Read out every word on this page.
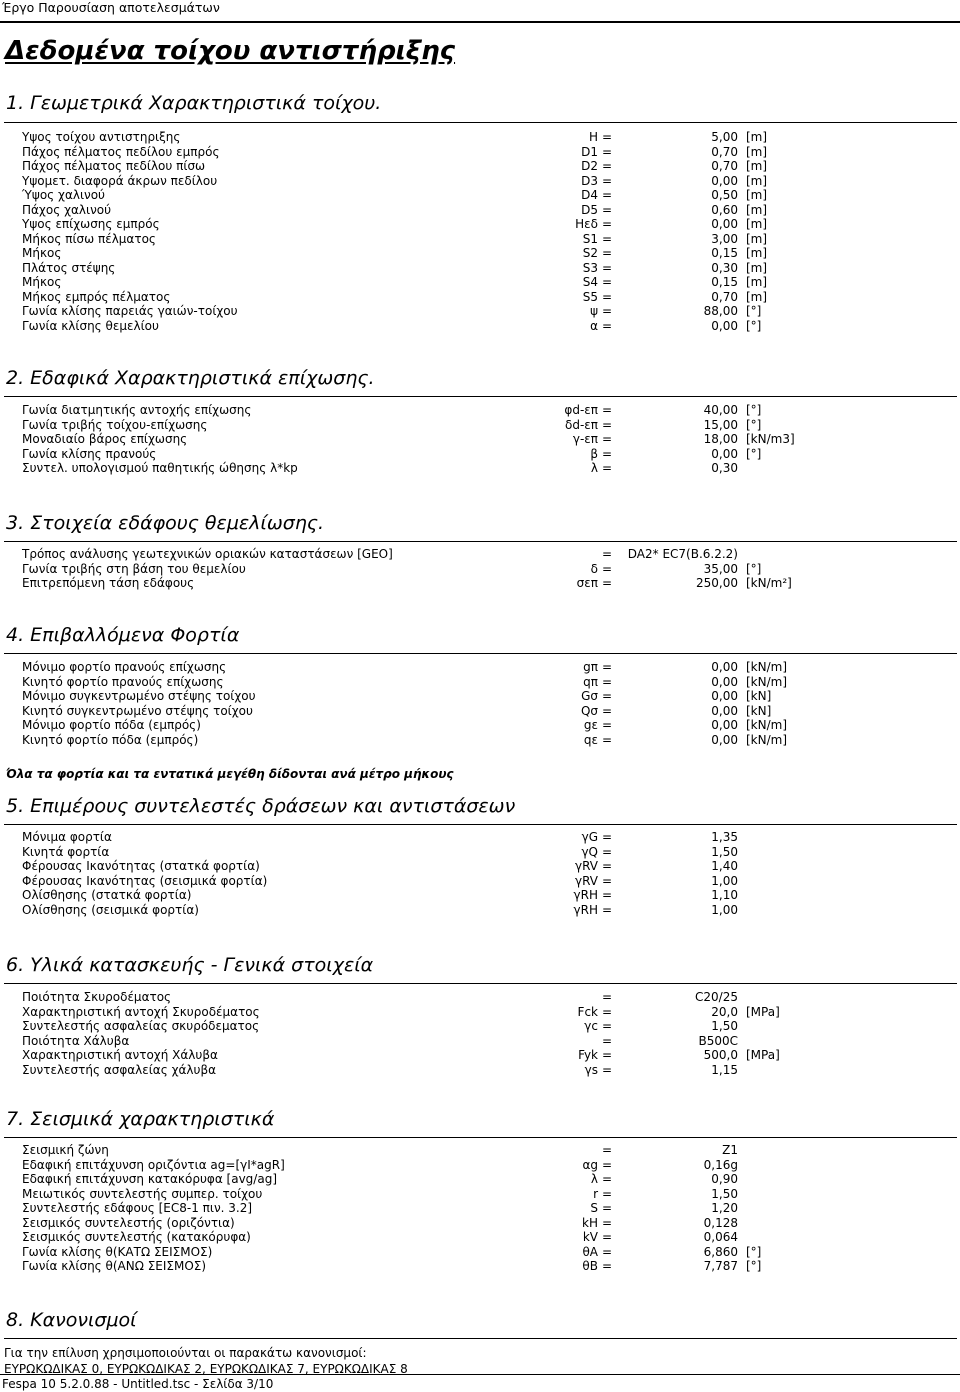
Έργο Παρουσίαση αποτελεσμάτων
Δεδομένα τοίχου αντιστήριξης
1. Γεωμετρικά Χαρακτηριστικά τοίχου.
Υψος τοίχου αντιστηριξης	H =	5,00 [m]
Πάχος πέλματος πεδίλου εμπρός	D1 =	0,70 [m]
Πάχος πέλματος πεδίλου πίσω	D2 =	0,70 [m]
Υψομετ. διαφορά άκρων πεδίλου	D3 =	0,00 [m]
Ύψος χαλινού	D4 =	0,50 [m]
Πάχος χαλινού	D5 =	0,60 [m]
Υψος επίχωσης εμπρός	Hεδ =	0,00 [m]
Μήκος πίσω πέλματος	S1 =	3,00 [m]
Μήκος	S2 =	0,15 [m]
Πλάτος στέψης	S3 =	0,30 [m]
Μήκος	S4 =	0,15 [m]
Μήκος εμπρός πέλματος	S5 =	0,70 [m]
Γωνία κλίσης παρειάς γαιών-τοίχου	ψ =	88,00 [°]
Γωνία κλίσης θεμελίου	α =	0,00 [°]
2. Εδαφικά Χαρακτηριστικά επίχωσης.
Γωνία διατμητικής αντοχής επίχωσης	φd-επ =	40,00 [°]
Γωνία τριβής τοίχου-επίχωσης	δd-επ =	15,00 [°]
Μοναδιαίο βάρος επίχωσης	γ-επ =	18,00 [kN/m3]
Γωνία κλίσης πρανούς	β =	0,00 [°]
Συντελ. υπολογισμού παθητικής ώθησης λ*kp	λ =	0,30
3. Στοιχεία εδάφους θεμελίωσης.
Τρόπος ανάλυσης γεωτεχνικών οριακών καταστάσεων [GEO]	= DA2* EC7(B.6.2.2)
Γωνία τριβής στη βάση του θεμελίου	δ =	35,00 [°]
Επιτρεπόμενη τάση εδάφους	σεπ =	250,00 [kN/m²]
4. Επιβαλλόμενα Φορτία
Μόνιμο φορτίο πρανούς επίχωσης	gπ =	0,00 [kN/m]
Κινητό φορτίο πρανούς επίχωσης	qπ =	0,00 [kN/m]
Μόνιμο συγκεντρωμένο στέψης τοίχου	Gσ =	0,00 [kN]
Κινητό συγκεντρωμένο στέψης τοίχου	Qσ =	0,00 [kN]
Μόνιμο φορτίο πόδα (εμπρός)	gε =	0,00 [kN/m]
Κινητό φορτίο πόδα (εμπρός)	qε =	0,00 [kN/m]
Όλα τα φορτία και τα εντατικά μεγέθη δίδονται ανά μέτρο μήκους
5. Επιμέρους συντελεστές δράσεων και αντιστάσεων
Μόνιμα φορτία	γG =	1,35
Κινητά φορτία	γQ =	1,50
Φέρουσας Ικανότητας (στατκά φορτία)	γRV =	1,40
Φέρουσας Ικανότητας (σεισμικά φορτία)	γRV =	1,00
Ολίσθησης (στατκά φορτία)	γRH =	1,10
Ολίσθησης (σεισμικά φορτία)	γRH =	1,00
6. Υλικά κατασκευής - Γενικά στοιχεία
Ποιότητα Σκυροδέματος	=	C20/25
Χαρακτηριστική αντοχή Σκυροδέματος	Fck =	20,0 [MPa]
Συντελεστής ασφαλείας σκυρόδεματος	γc =	1,50
Ποιότητα Χάλυβα	=	B500C
Χαρακτηριστική αντοχή Χάλυβα	Fyk =	500,0 [MPa]
Συντελεστής ασφαλείας χάλυβα	γs =	1,15
7. Σεισμικά χαρακτηριστικά
Σεισμική ζώνη	=	Z1
Εδαφική επιτάχυνση οριζόντια ag=[γI*agR]	αg =	0,16g
Εδαφική επιτάχυνση κατακόρυφα [avg/ag]	λ =	0,90
Μειωτικός συντελεστής συμπερ. τοίχου	r =	1,50
Συντελεστής εδάφους [EC8-1 πιν. 3.2]	S =	1,20
Σεισμικός συντελεστής (οριζόντια)	kH =	0,128
Σεισμικός συντελεστής (κατακόρυφα)	kV =	0,064
Γωνία κλίσης θ(ΚΑΤΩ ΣΕΙΣΜΟΣ)	θA =	6,860 [°]
Γωνία κλίσης θ(ΑΝΩ ΣΕΙΣΜΟΣ)	θB =	7,787 [°]
8. Κανονισμοί
Για την επίλυση χρησιμοποιούνται οι παρακάτω κανονισμοί:
ΕΥΡΩΚΩΔΙΚΑΣ 0, ΕΥΡΩΚΩΔΙΚΑΣ 2, ΕΥΡΩΚΩΔΙΚΑΣ 7, ΕΥΡΩΚΩΔΙΚΑΣ 8
Fespa 10 5.2.0.88 - Untitled.tsc - Σελίδα 3/10
